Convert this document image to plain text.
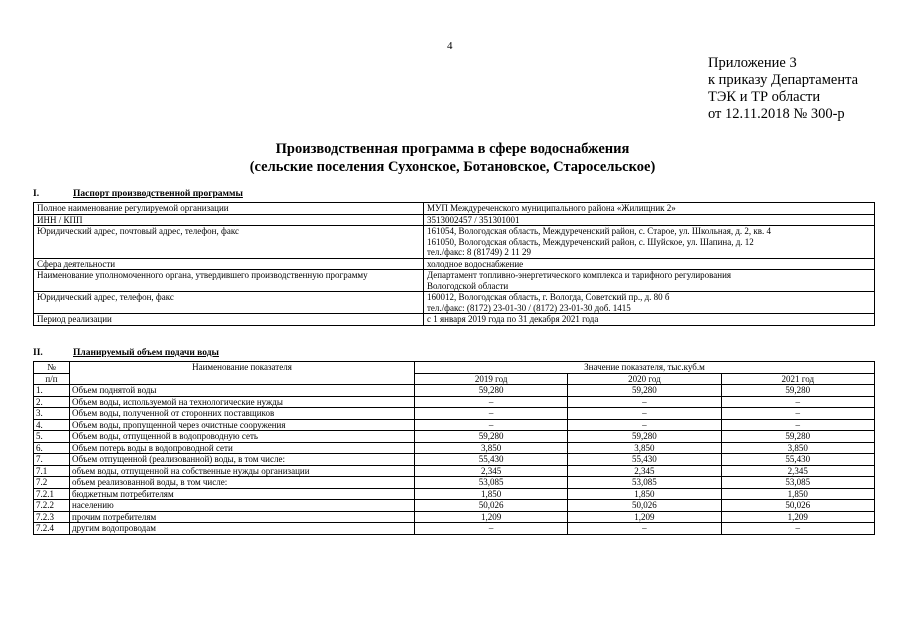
4
Приложение 3
к приказу Департамента
ТЭК и ТР области
от 12.11.2018 № 300-р
Производственная программа в сфере водоснабжения
(сельские поселения Сухонское, Ботановское, Старосельское)
I.	Паспорт производственной программы
Полное наименование регулируемой организации	МУП Междуреченского муниципального района «Жилищник 2»

ИНН / КПП	3513002457 / 351301001

Юридический адрес, почтовый адрес, телефон, факс	161054, Вологодская область, Междуреченский район, с. Старое, ул. Школьная, д. 2, кв. 4
161050, Вологодская область, Междуреченский район, с. Шуйское, ул. Шапина, д. 12
тел./факс: 8 (81749) 2 11 29

Сфера деятельности	холодное водоснабжение

Наименование уполномоченного органа, утвердившего производственную программу	Департамент топливно-энергетического комплекса и тарифного регулирования
Вологодской области

Юридический адрес, телефон, факс	160012, Вологодская область, г. Вологда, Советский пр., д. 80 б
тел./факс: (8172) 23-01-30 / (8172) 23-01-30 доб. 1415

Период реализации	с 1 января 2019 года по 31 декабря 2021 года
II.	Планируемый объем подачи воды
№	Наименование показателя	Значение показателя, тыс.куб.м		
п/п		2019 год	2020 год	2021 год
1.	Объем поднятой воды	59,280	59,280	59,280
2.	Объем воды, используемой на технологические нужды	–	–	–
3.	Объем воды, полученной от сторонних поставщиков	–	–	–
4.	Объем воды, пропущенной через очистные сооружения	–	–	–
5.	Объем воды, отпущенной в водопроводную сеть	59,280	59,280	59,280
6.	Объем потерь воды в водопроводной сети	3,850	3,850	3,850
7.	Объем отпущенной (реализованной) воды, в том числе:	55,430	55,430	55,430
7.1	объем воды, отпущенной на собственные нужды организации	2,345	2,345	2,345
7.2	объем реализованной воды, в том числе:	53,085	53,085	53,085
7.2.1	бюджетным потребителям	1,850	1,850	1,850
7.2.2	населению	50,026	50,026	50,026
7.2.3	прочим потребителям	1,209	1,209	1,209
7.2.4	другим водопроводам	–	–	–
